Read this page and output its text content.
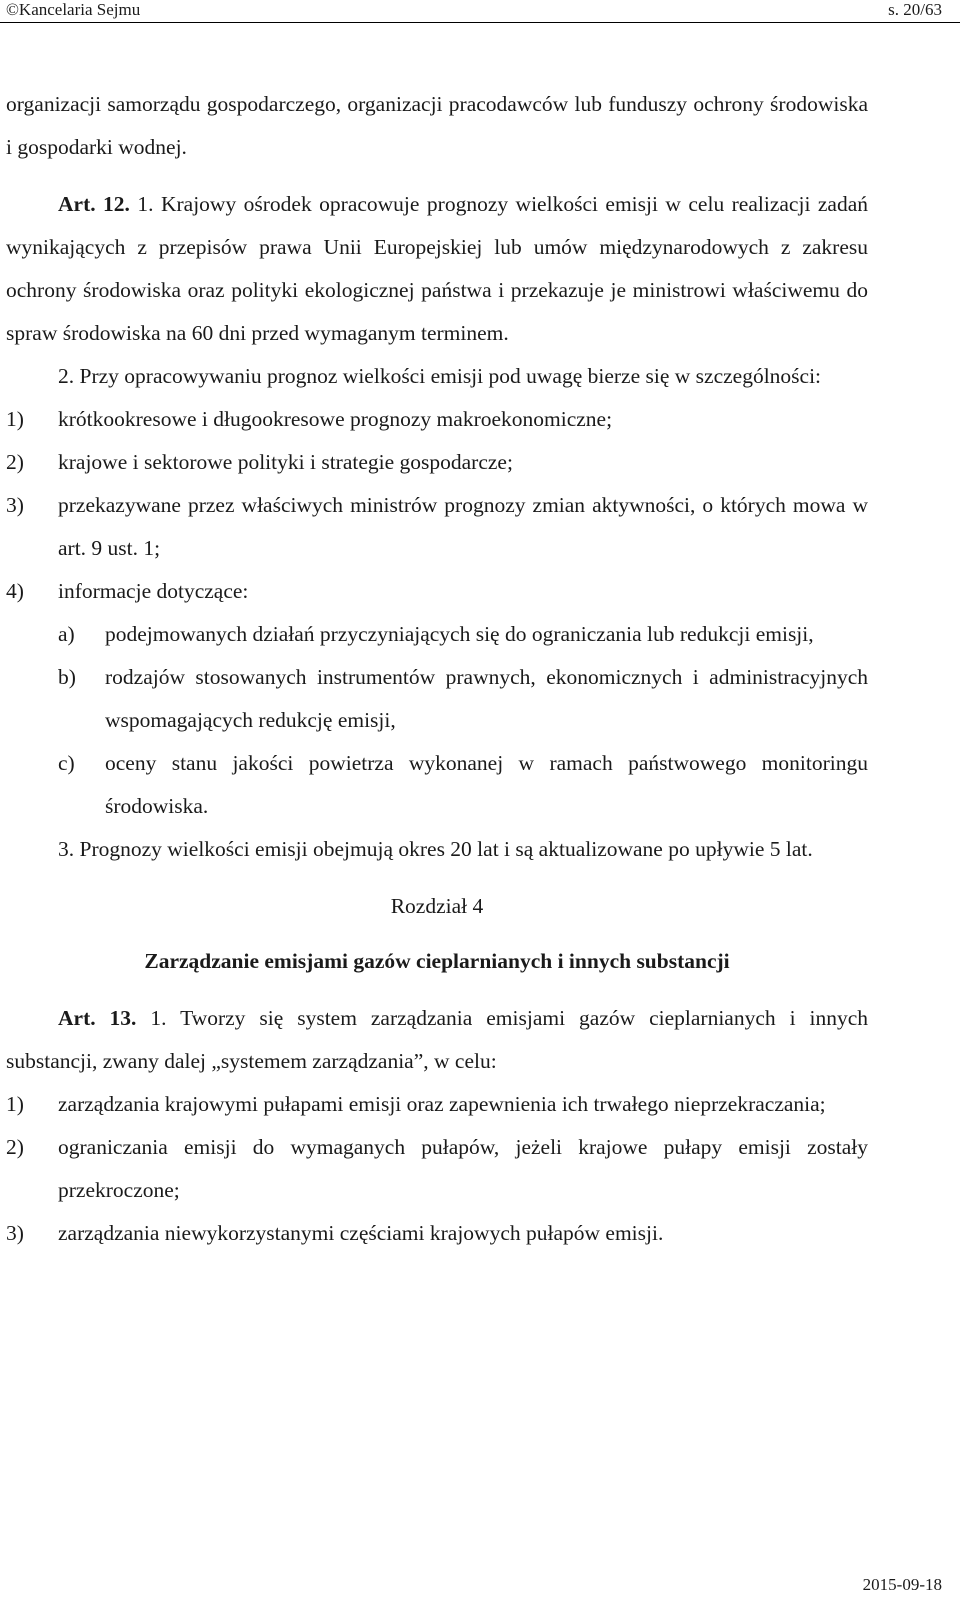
©Kancelaria Sejmu	s. 20/63

organizacji samorządu gospodarczego, organizacji pracodawców lub funduszy ochrony środowiska i gospodarki wodnej.

Art. 12. 1. Krajowy ośrodek opracowuje prognozy wielkości emisji w celu realizacji zadań wynikających z przepisów prawa Unii Europejskiej lub umów międzynarodowych z zakresu ochrony środowiska oraz polityki ekologicznej państwa i przekazuje je ministrowi właściwemu do spraw środowiska na 60 dni przed wymaganym terminem.

2. Przy opracowywaniu prognoz wielkości emisji pod uwagę bierze się w szczególności:

1)	krótkookresowe i długookresowe prognozy makroekonomiczne;
2)	krajowe i sektorowe polityki i strategie gospodarcze;
3)	przekazywane przez właściwych ministrów prognozy zmian aktywności, o których mowa w art. 9 ust. 1;
4)	informacje dotyczące:
a)	podejmowanych działań przyczyniających się do ograniczania lub redukcji emisji,
b)	rodzajów stosowanych instrumentów prawnych, ekonomicznych i administracyjnych wspomagających redukcję emisji,
c)	oceny stanu jakości powietrza wykonanej w ramach państwowego monitoringu środowiska.

3. Prognozy wielkości emisji obejmują okres 20 lat i są aktualizowane po upływie 5 lat.

Rozdział 4
Zarządzanie emisjami gazów cieplarnianych i innych substancji

Art. 13. 1. Tworzy się system zarządzania emisjami gazów cieplarnianych i innych substancji, zwany dalej „systemem zarządzania”, w celu:

1)	zarządzania krajowymi pułapami emisji oraz zapewnienia ich trwałego nieprzekraczania;
2)	ograniczania emisji do wymaganych pułapów, jeżeli krajowe pułapy emisji zostały przekroczone;
3)	zarządzania niewykorzystanymi częściami krajowych pułapów emisji.
2015-09-18
